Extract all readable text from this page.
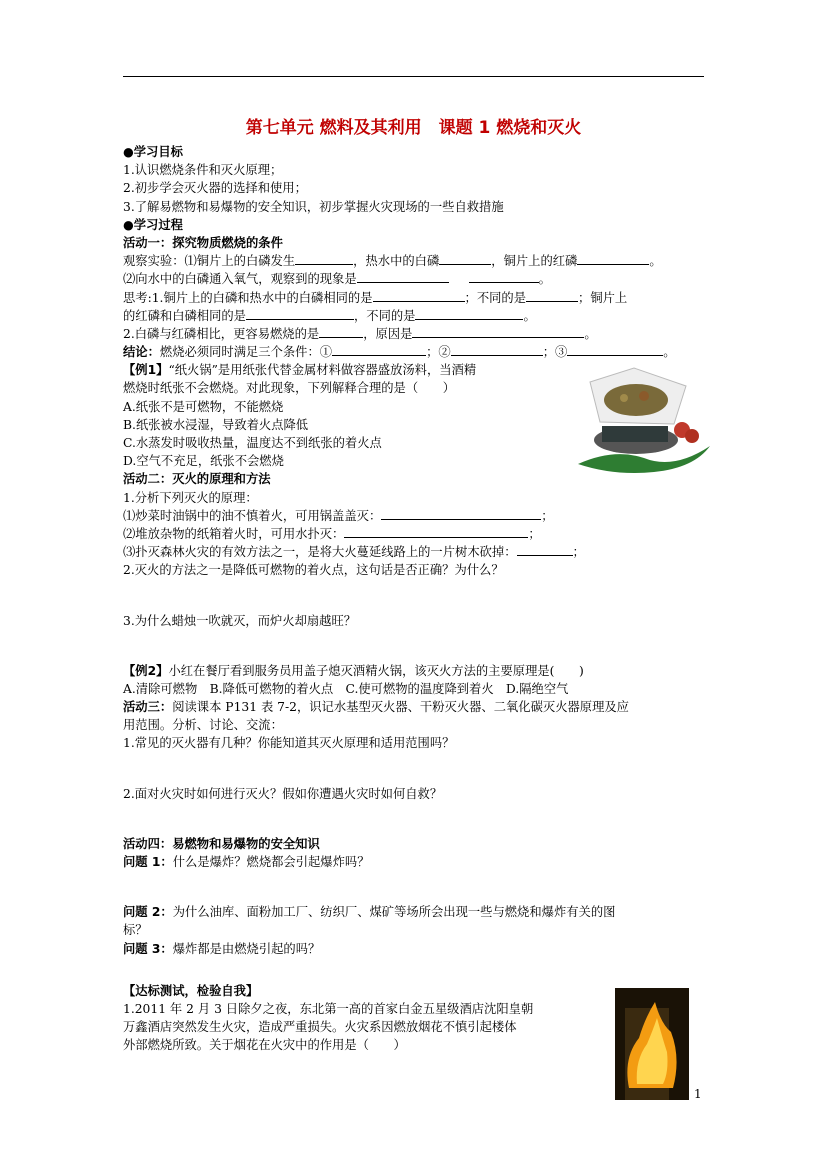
第七单元 燃料及其利用　课题 1 燃烧和灭火
●学习目标
1.认识燃烧条件和灭火原理；
2.初步学会灭火器的选择和使用；
3.了解易燃物和易爆物的安全知识，初步掌握火灾现场的一些自救措施
●学习过程
活动一：探究物质燃烧的条件
观察实验：⑴铜片上的白磷发生	，热水中的白磷	，铜片上的红磷	。
⑵向水中的白磷通入氧气，观察到的现象是	。
思考:1.铜片上的白磷和热水中的白磷相同的是	；不同的是	；铜片上
的红磷和白磷相同的是	，不同的是	。
2.白磷与红磷相比，更容易燃烧的是	，原因是	。
结论：燃烧必须同时满足三个条件：①	；②	；③	。
【例1】“纸火锅”是用纸张代替金属材料做容器盛放汤料，当酒精
燃烧时纸张不会燃烧。对此现象，下列解释合理的是（　　）
A.纸张不是可燃物，不能燃烧
B.纸张被水浸湿，导致着火点降低
C.水蒸发时吸收热量，温度达不到纸张的着火点
D.空气不充足，纸张不会燃烧
活动二：灭火的原理和方法
1.分析下列灭火的原理：
⑴炒菜时油锅中的油不慎着火，可用锅盖盖灭：	；
⑵堆放杂物的纸箱着火时，可用水扑灭：	；
⑶扑灭森林火灾的有效方法之一，是将大火蔓延线路上的一片树木砍掉：	；
2.灭火的方法之一是降低可燃物的着火点，这句话是否正确？为什么？
3.为什么蜡烛一吹就灭，而炉火却扇越旺？
【例2】小红在餐厅看到服务员用盖子熄灭酒精火锅，该灭火方法的主要原理是(　　)
A.清除可燃物　B.降低可燃物的着火点　C.使可燃物的温度降到着火　D.隔绝空气
活动三：阅读课本 P131 表 7-2，识记水基型灭火器、干粉灭火器、二氧化碳灭火器原理及应
用范围。分析、讨论、交流：
1.常见的灭火器有几种？你能知道其灭火原理和适用范围吗？
2.面对火灾时如何进行灭火？假如你遭遇火灾时如何自救？
活动四：易燃物和易爆物的安全知识
问题 1：什么是爆炸？燃烧都会引起爆炸吗？
问题 2：为什么油库、面粉加工厂、纺织厂、煤矿等场所会出现一些与燃烧和爆炸有关的图
标？
问题 3：爆炸都是由燃烧引起的吗？
【达标测试，检验自我】
1.2011 年 2 月 3 日除夕之夜，东北第一高的首家白金五星级酒店沈阳皇朝
万鑫酒店突然发生火灾，造成严重损失。火灾系因燃放烟花不慎引起楼体
外部燃烧所致。关于烟花在火灾中的作用是（　　）
1
